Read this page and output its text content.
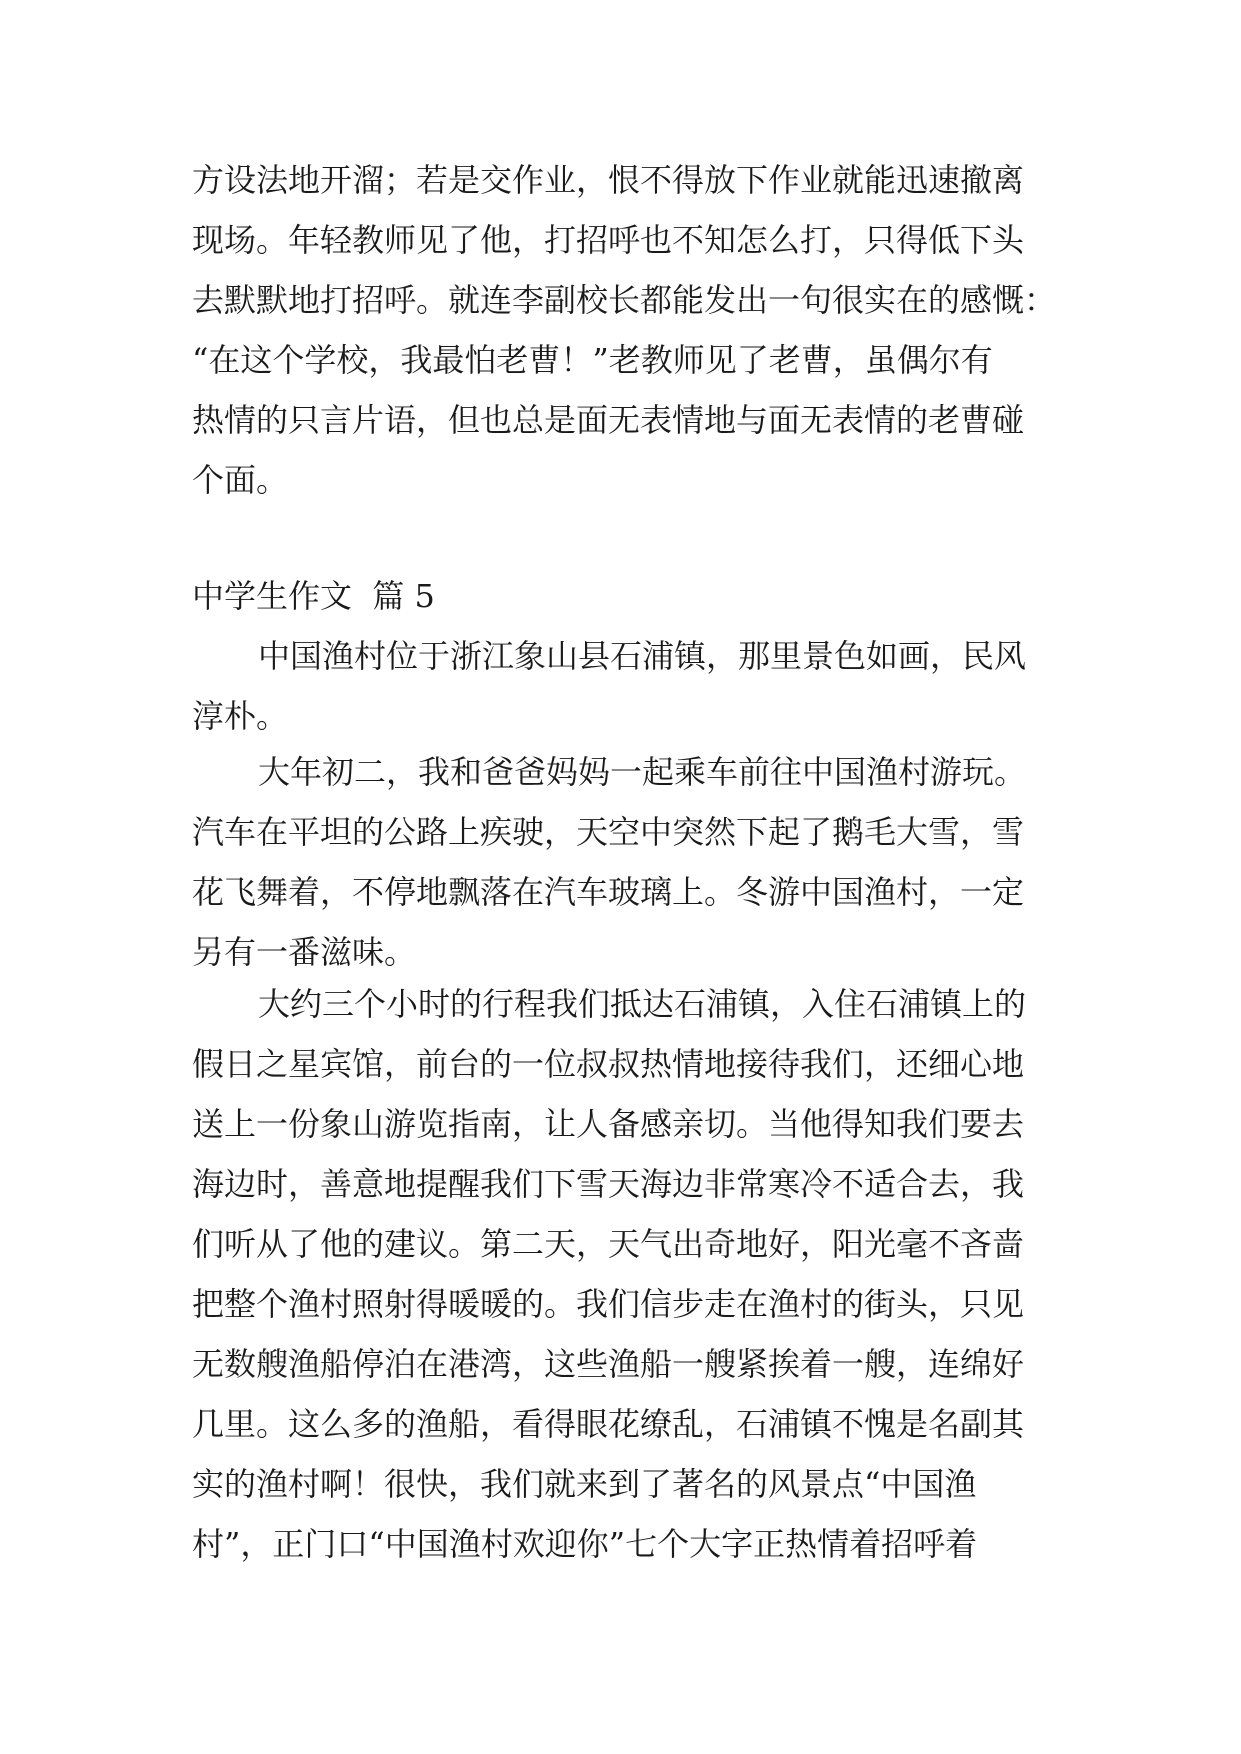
方设法地开溜；若是交作业，恨不得放下作业就能迅速撤离
现场。年轻教师见了他，打招呼也不知怎么打，只得低下头
去默默地打招呼。就连李副校长都能发出一句很实在的感慨：
“在这个学校，我最怕老曹！”老教师见了老曹，虽偶尔有
热情的只言片语，但也总是面无表情地与面无表情的老曹碰
个面。
中学生作文  篇 5
中国渔村位于浙江象山县石浦镇，那里景色如画，民风
淳朴。
大年初二，我和爸爸妈妈一起乘车前往中国渔村游玩。
汽车在平坦的公路上疾驶，天空中突然下起了鹅毛大雪，雪
花飞舞着，不停地飘落在汽车玻璃上。冬游中国渔村，一定
另有一番滋味。
大约三个小时的行程我们抵达石浦镇，入住石浦镇上的
假日之星宾馆，前台的一位叔叔热情地接待我们，还细心地
送上一份象山游览指南，让人备感亲切。当他得知我们要去
海边时，善意地提醒我们下雪天海边非常寒冷不适合去，我
们听从了他的建议。第二天，天气出奇地好，阳光毫不吝啬
把整个渔村照射得暖暖的。我们信步走在渔村的街头，只见
无数艘渔船停泊在港湾，这些渔船一艘紧挨着一艘，连绵好
几里。这么多的渔船，看得眼花缭乱，石浦镇不愧是名副其
实的渔村啊！很快，我们就来到了著名的风景点“中国渔
村”，正门口“中国渔村欢迎你”七个大字正热情着招呼着
